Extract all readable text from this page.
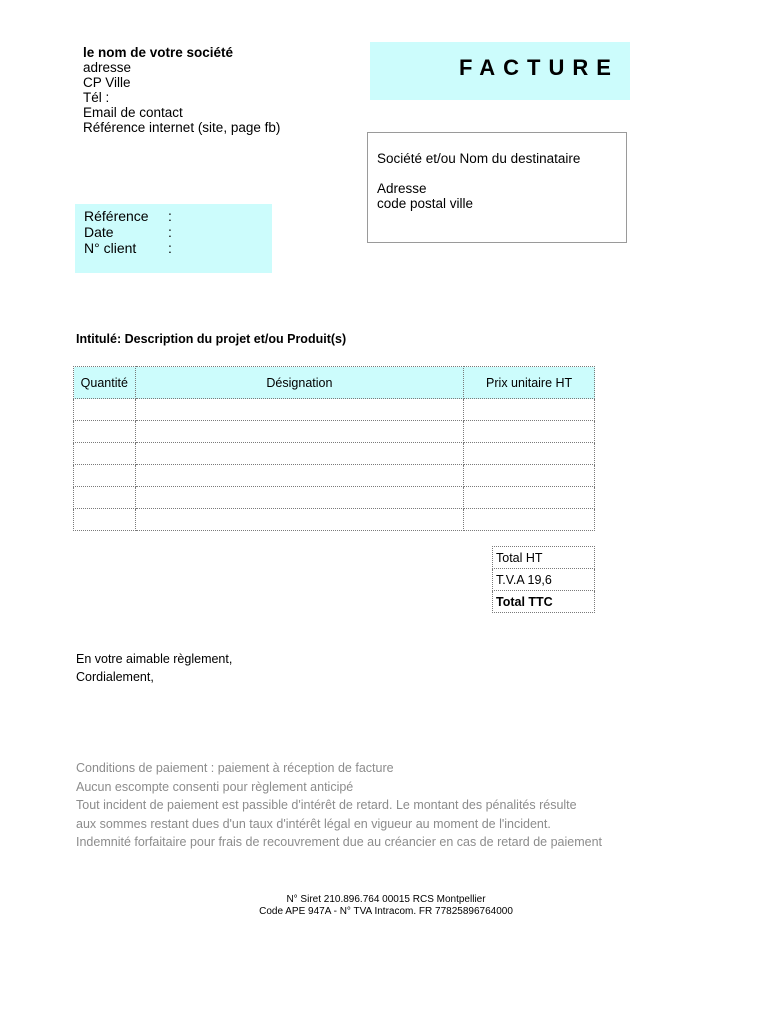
le nom de votre société
adresse
CP Ville
Tél :
Email de contact
Référence internet (site, page fb)
FACTURE
Société et/ou Nom du destinataire
Adresse
code postal ville
Référence :
Date	:
N° client :
Intitulé: Description du projet et/ou Produit(s)
Quantité	Désignation	Prix unitaire HT

Total HT
T.V.A 19,6
Total TTC
En votre aimable règlement,
Cordialement,
Conditions de paiement : paiement à réception de facture
Aucun escompte consenti pour règlement anticipé
Tout incident de paiement est passible d'intérêt de retard. Le montant des pénalités résulte
aux sommes restant dues d'un taux d'intérêt légal en vigueur au moment de l'incident.
Indemnité forfaitaire pour frais de recouvrement due au créancier en cas de retard de paiement
N° Siret 210.896.764 00015 RCS Montpellier
Code APE 947A - N° TVA Intracom. FR 77825896764000
